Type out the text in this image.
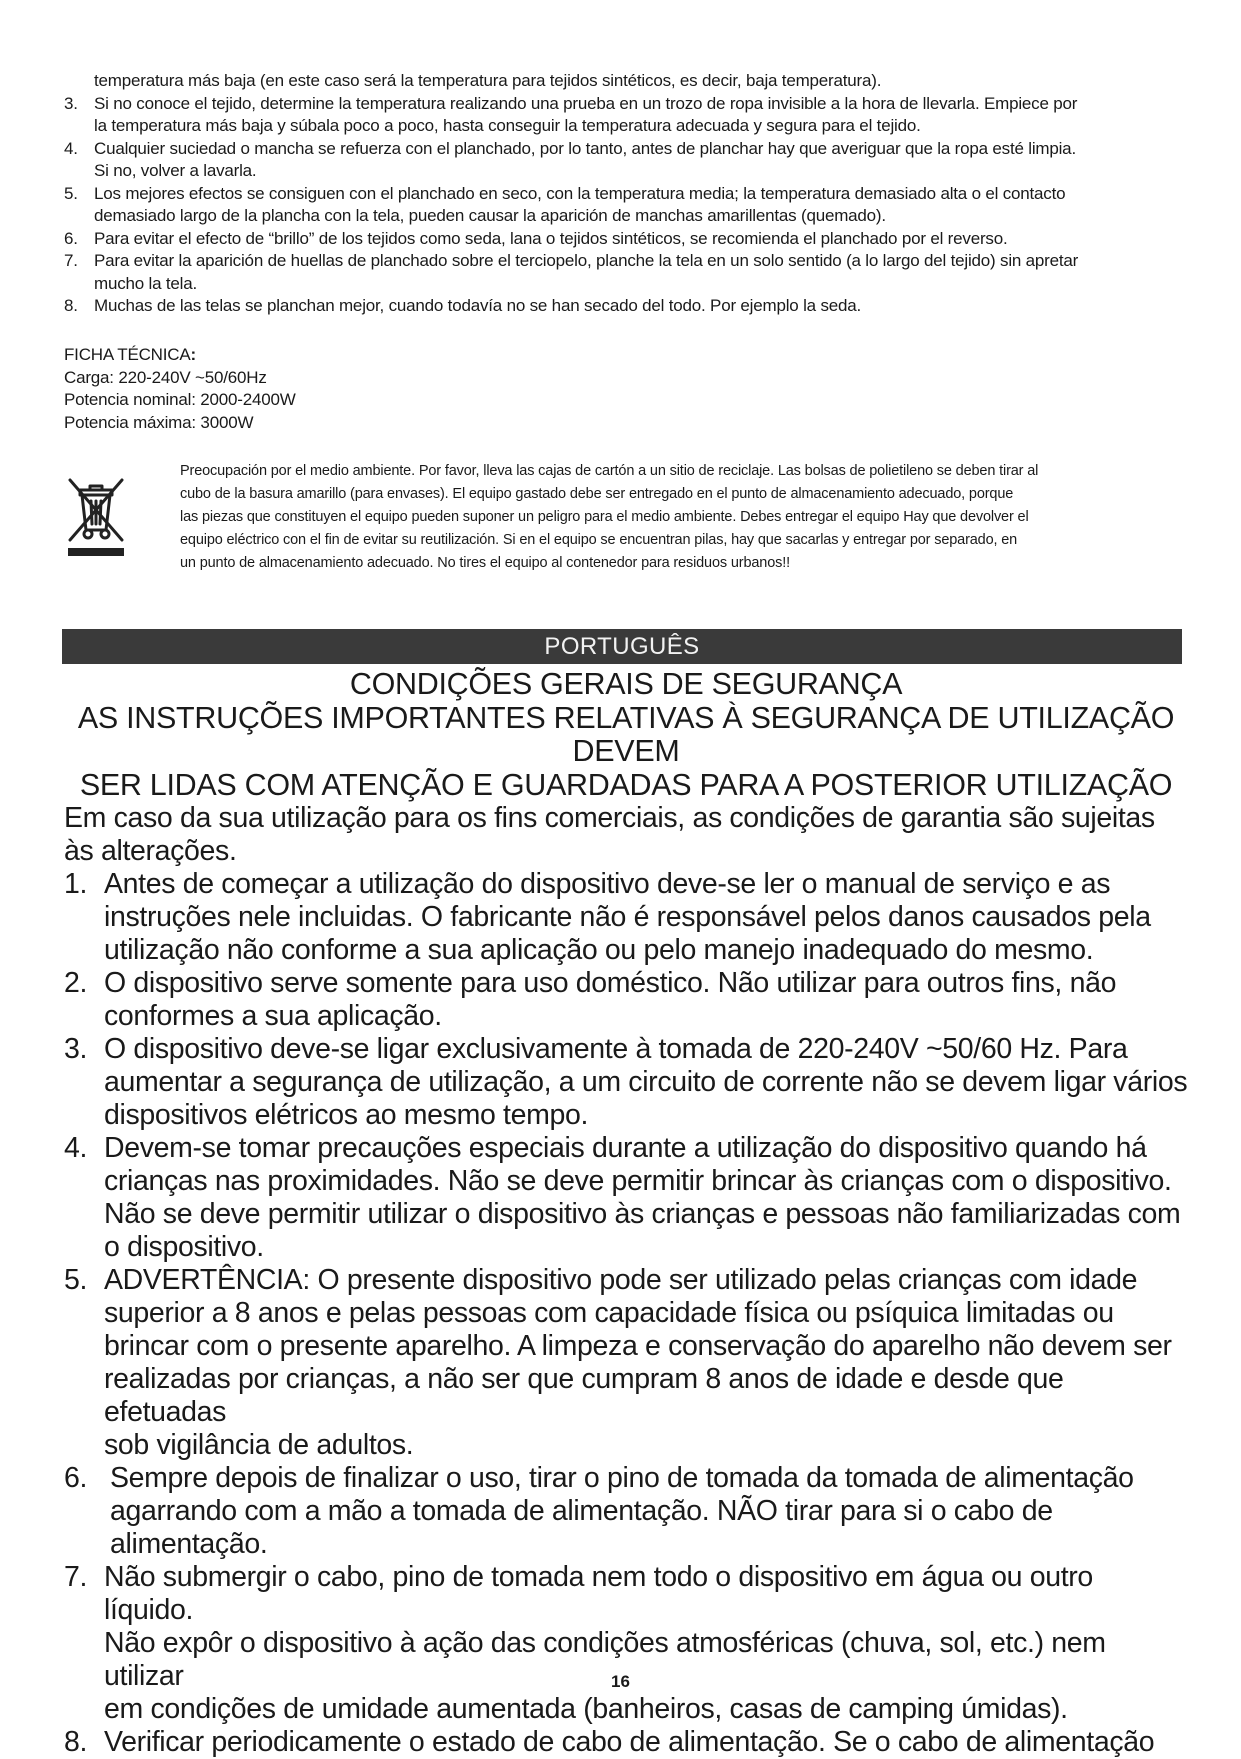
temperatura más baja (en este caso será la temperatura para tejidos sintéticos, es decir, baja temperatura).
3. Si no conoce el tejido, determine la temperatura realizando una prueba en un trozo de ropa invisible a la hora de llevarla. Empiece por
la temperatura más baja y súbala poco a poco, hasta conseguir la temperatura adecuada y segura para el tejido.
4. Cualquier suciedad o mancha se refuerza con el planchado, por lo tanto, antes de planchar hay que averiguar que la ropa esté limpia.
Si no, volver a lavarla.
5. Los mejores efectos se consiguen con el planchado en seco, con la temperatura media; la temperatura demasiado alta o el contacto
demasiado largo de la plancha con la tela, pueden causar la aparición de manchas amarillentas (quemado).
6. Para evitar el efecto de “brillo” de los tejidos como seda, lana o tejidos sintéticos, se recomienda el planchado por el reverso.
7. Para evitar la aparición de huellas de planchado sobre el terciopelo, planche la tela en un solo sentido (a lo largo del tejido) sin apretar
mucho la tela.
8. Muchas de las telas se planchan mejor, cuando todavía no se han secado del todo. Por ejemplo la seda.
FICHA TÉCNICA:
Carga: 220-240V ~50/60Hz
Potencia nominal: 2000-2400W
Potencia máxima: 3000W
Preocupación por el medio ambiente. Por favor, lleva las cajas de cartón a un sitio de reciclaje. Las bolsas de polietileno se deben tirar al
cubo de la basura amarillo (para envases). El equipo gastado debe ser entregado en el punto de almacenamiento adecuado, porque
las piezas que constituyen el equipo pueden suponer un peligro para el medio ambiente. Debes entregar el equipo Hay que devolver el
equipo eléctrico con el fin de evitar su reutilización. Si en el equipo se encuentran pilas, hay que sacarlas y entregar por separado, en
un punto de almacenamiento adecuado. No tires el equipo al contenedor para residuos urbanos!!
PORTUGUÊS
CONDIÇÕES GERAIS DE SEGURANÇA
AS INSTRUÇÕES IMPORTANTES RELATIVAS À SEGURANÇA DE UTILIZAÇÃO DEVEM
SER LIDAS COM ATENÇÃO E GUARDADAS PARA A POSTERIOR UTILIZAÇÃO
Em caso da sua utilização para os fins comerciais, as condições de garantia são sujeitas
às alterações.
1. Antes de começar a utilização do dispositivo deve-se ler o manual de serviço e as
instruções nele incluidas. O fabricante não é responsável pelos danos causados pela
utilização não conforme a sua aplicação ou pelo manejo inadequado do mesmo.
2. O dispositivo serve somente para uso doméstico. Não utilizar para outros fins, não
conformes a sua aplicação.
3. O dispositivo deve-se ligar exclusivamente à tomada de 220-240V ~50/60 Hz. Para
aumentar a segurança de utilização, a um circuito de corrente não se devem ligar vários
dispositivos elétricos ao mesmo tempo.
4. Devem-se tomar precauções especiais durante a utilização do dispositivo quando há
crianças nas proximidades. Não se deve permitir brincar às crianças com o dispositivo.
Não se deve permitir utilizar o dispositivo às crianças e pessoas não familiarizadas com
o dispositivo.
5. ADVERTÊNCIA: O presente dispositivo pode ser utilizado pelas crianças com idade
superior a 8 anos e pelas pessoas com capacidade física ou psíquica limitadas ou
brincar com o presente aparelho. A limpeza e conservação do aparelho não devem ser
realizadas por crianças, a não ser que cumpram 8 anos de idade e desde que efetuadas
sob vigilância de adultos.
6. Sempre depois de finalizar o uso, tirar o pino de tomada da tomada de alimentação
agarrando com a mão a tomada de alimentação. NÃO tirar para si o cabo de
alimentação.
7. Não submergir o cabo, pino de tomada nem todo o dispositivo em água ou outro líquido.
Não expôr o dispositivo à ação das condições atmosféricas (chuva, sol, etc.) nem utilizar
em condições de umidade aumentada (banheiros, casas de camping úmidas).
8. Verificar periodicamente o estado de cabo de alimentação. Se o cabo de alimentação
16
